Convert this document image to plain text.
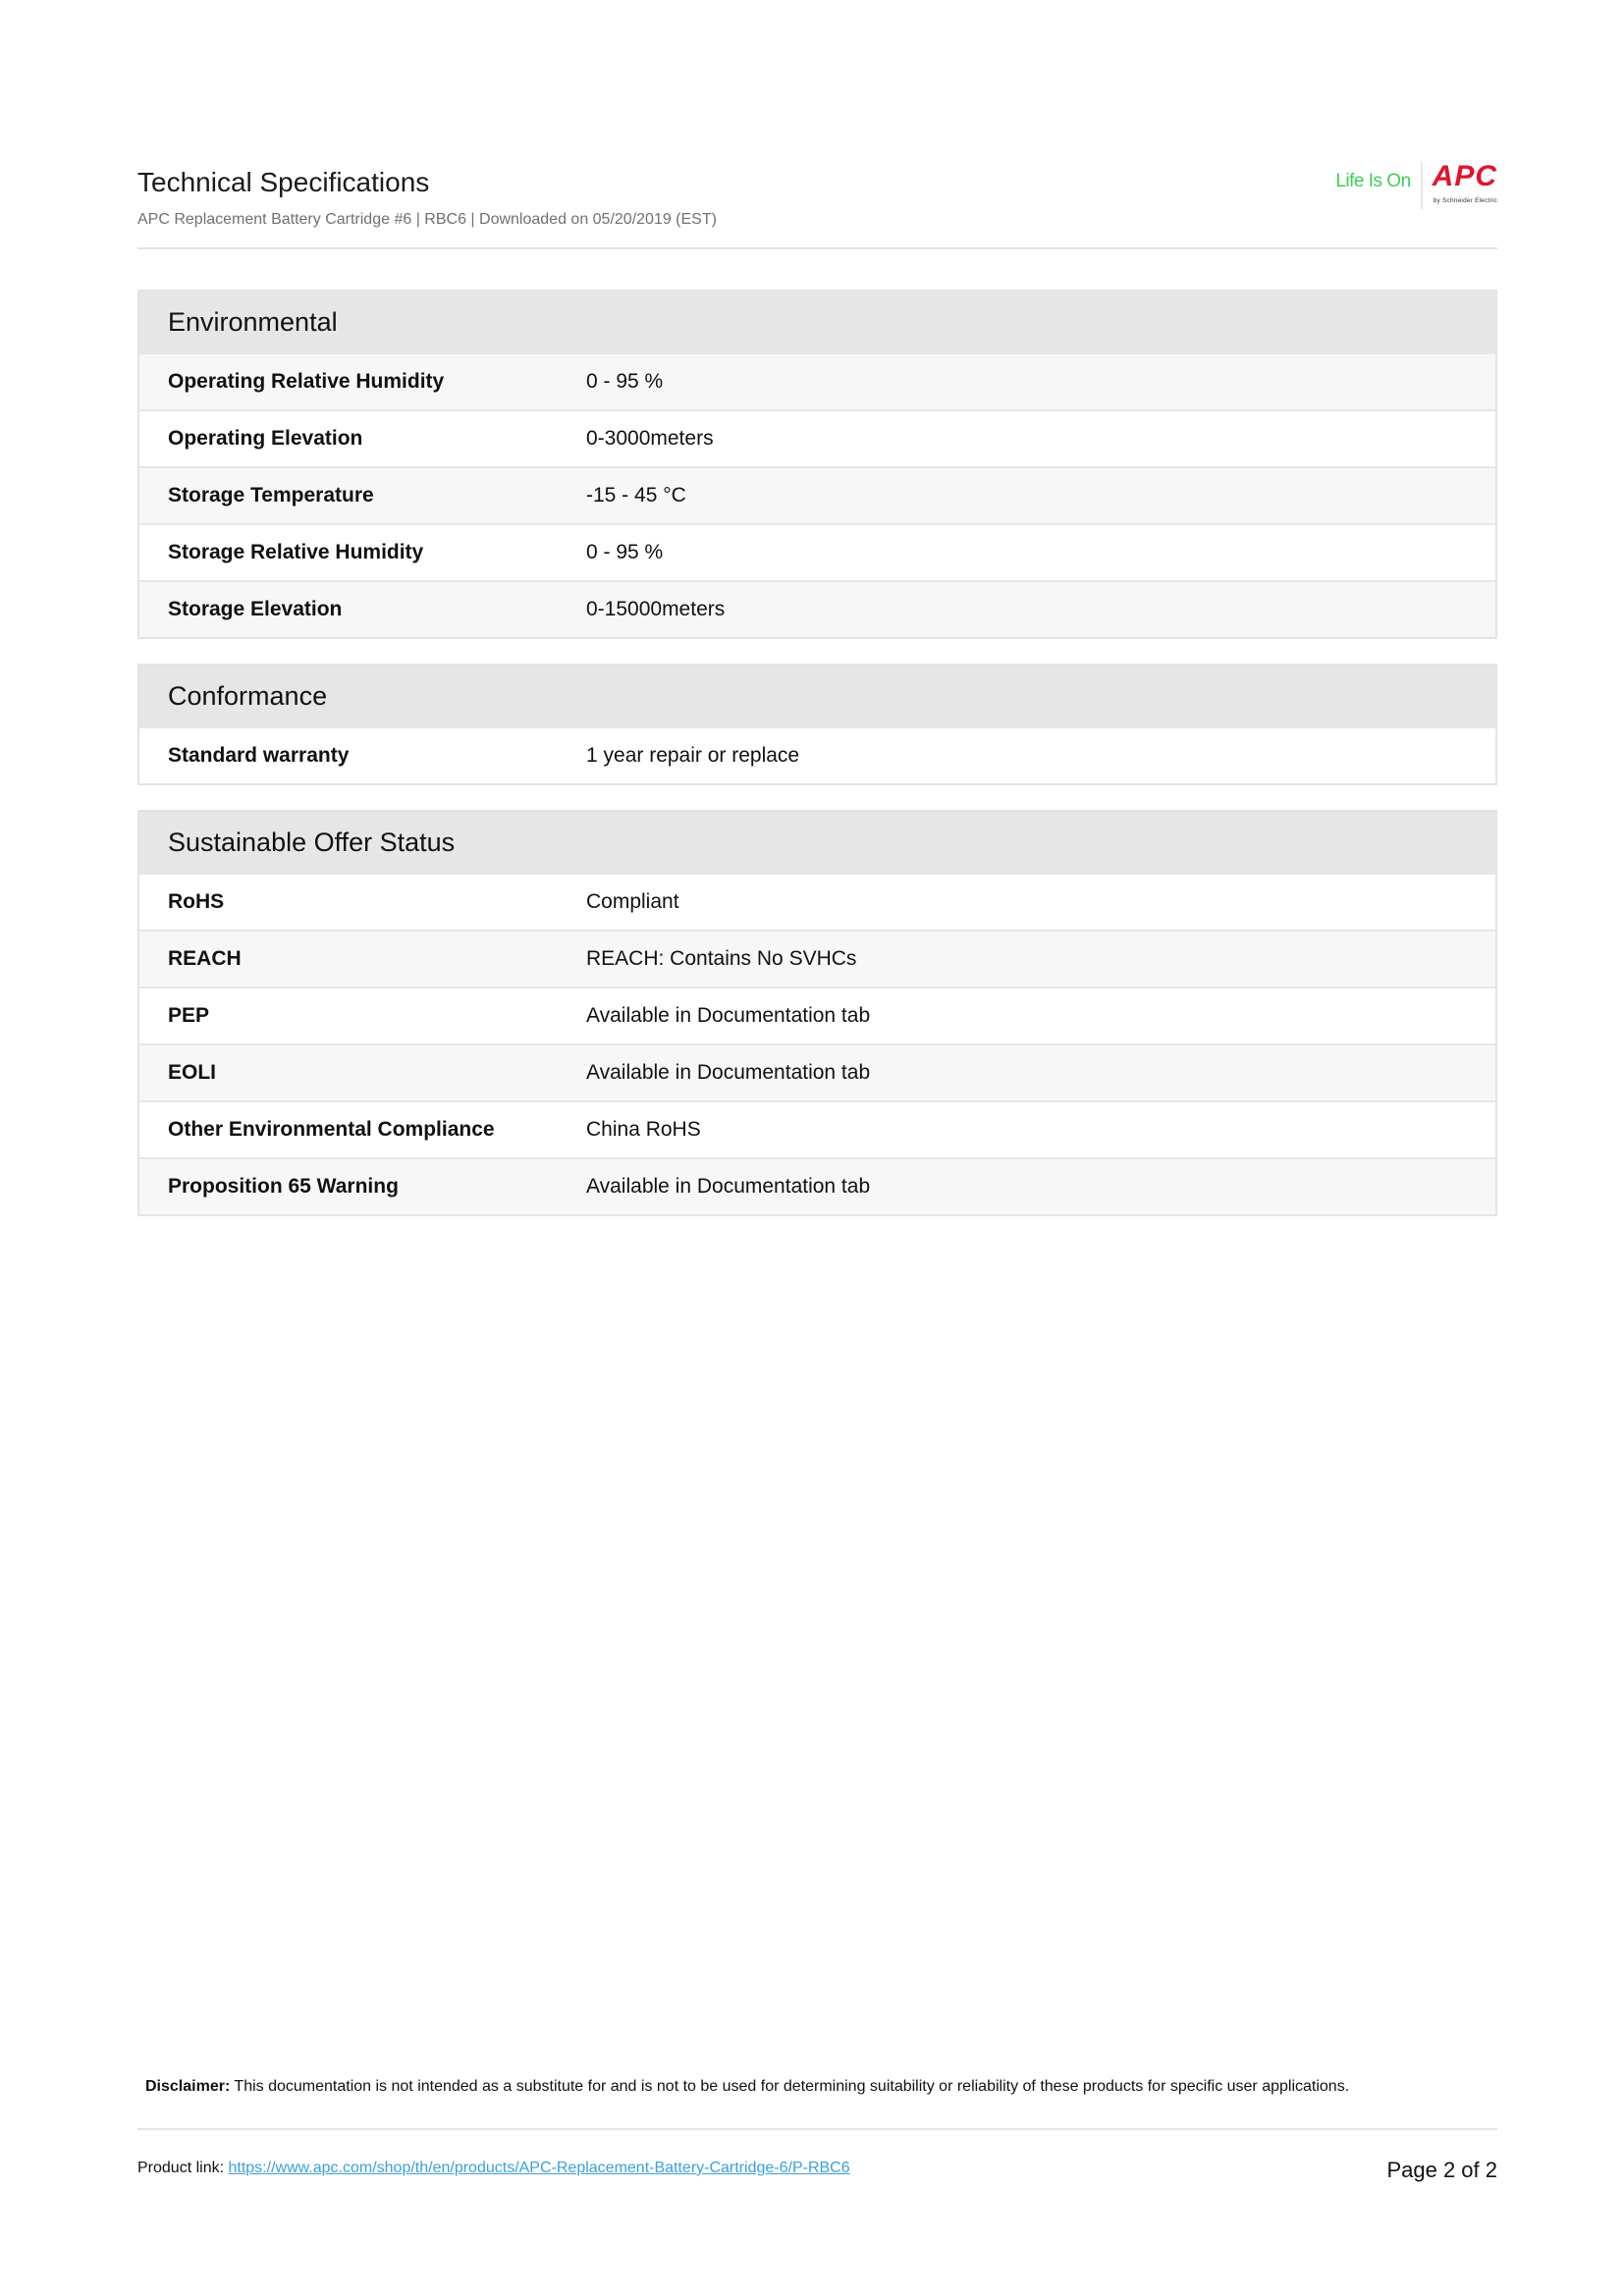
Technical Specifications
APC Replacement Battery Cartridge #6 | RBC6 | Downloaded on 05/20/2019 (EST)
Life Is On APC
by Schneider Electric
Environmental
Operating Relative Humidity	0 - 95 %
Operating Elevation	0-3000meters
Storage Temperature	-15 - 45 °C
Storage Relative Humidity	0 - 95 %
Storage Elevation	0-15000meters
Conformance
Standard warranty	1 year repair or replace
Sustainable Offer Status
RoHS	Compliant
REACH	REACH: Contains No SVHCs
PEP	Available in Documentation tab
EOLI	Available in Documentation tab
Other Environmental Compliance	China RoHS
Proposition 65 Warning	Available in Documentation tab
Disclaimer: This documentation is not intended as a substitute for and is not to be used for determining suitability or reliability of these products for specific user applications.
Product link: https://www.apc.com/shop/th/en/products/APC-Replacement-Battery-Cartridge-6/P-RBC6	Page 2 of 2
